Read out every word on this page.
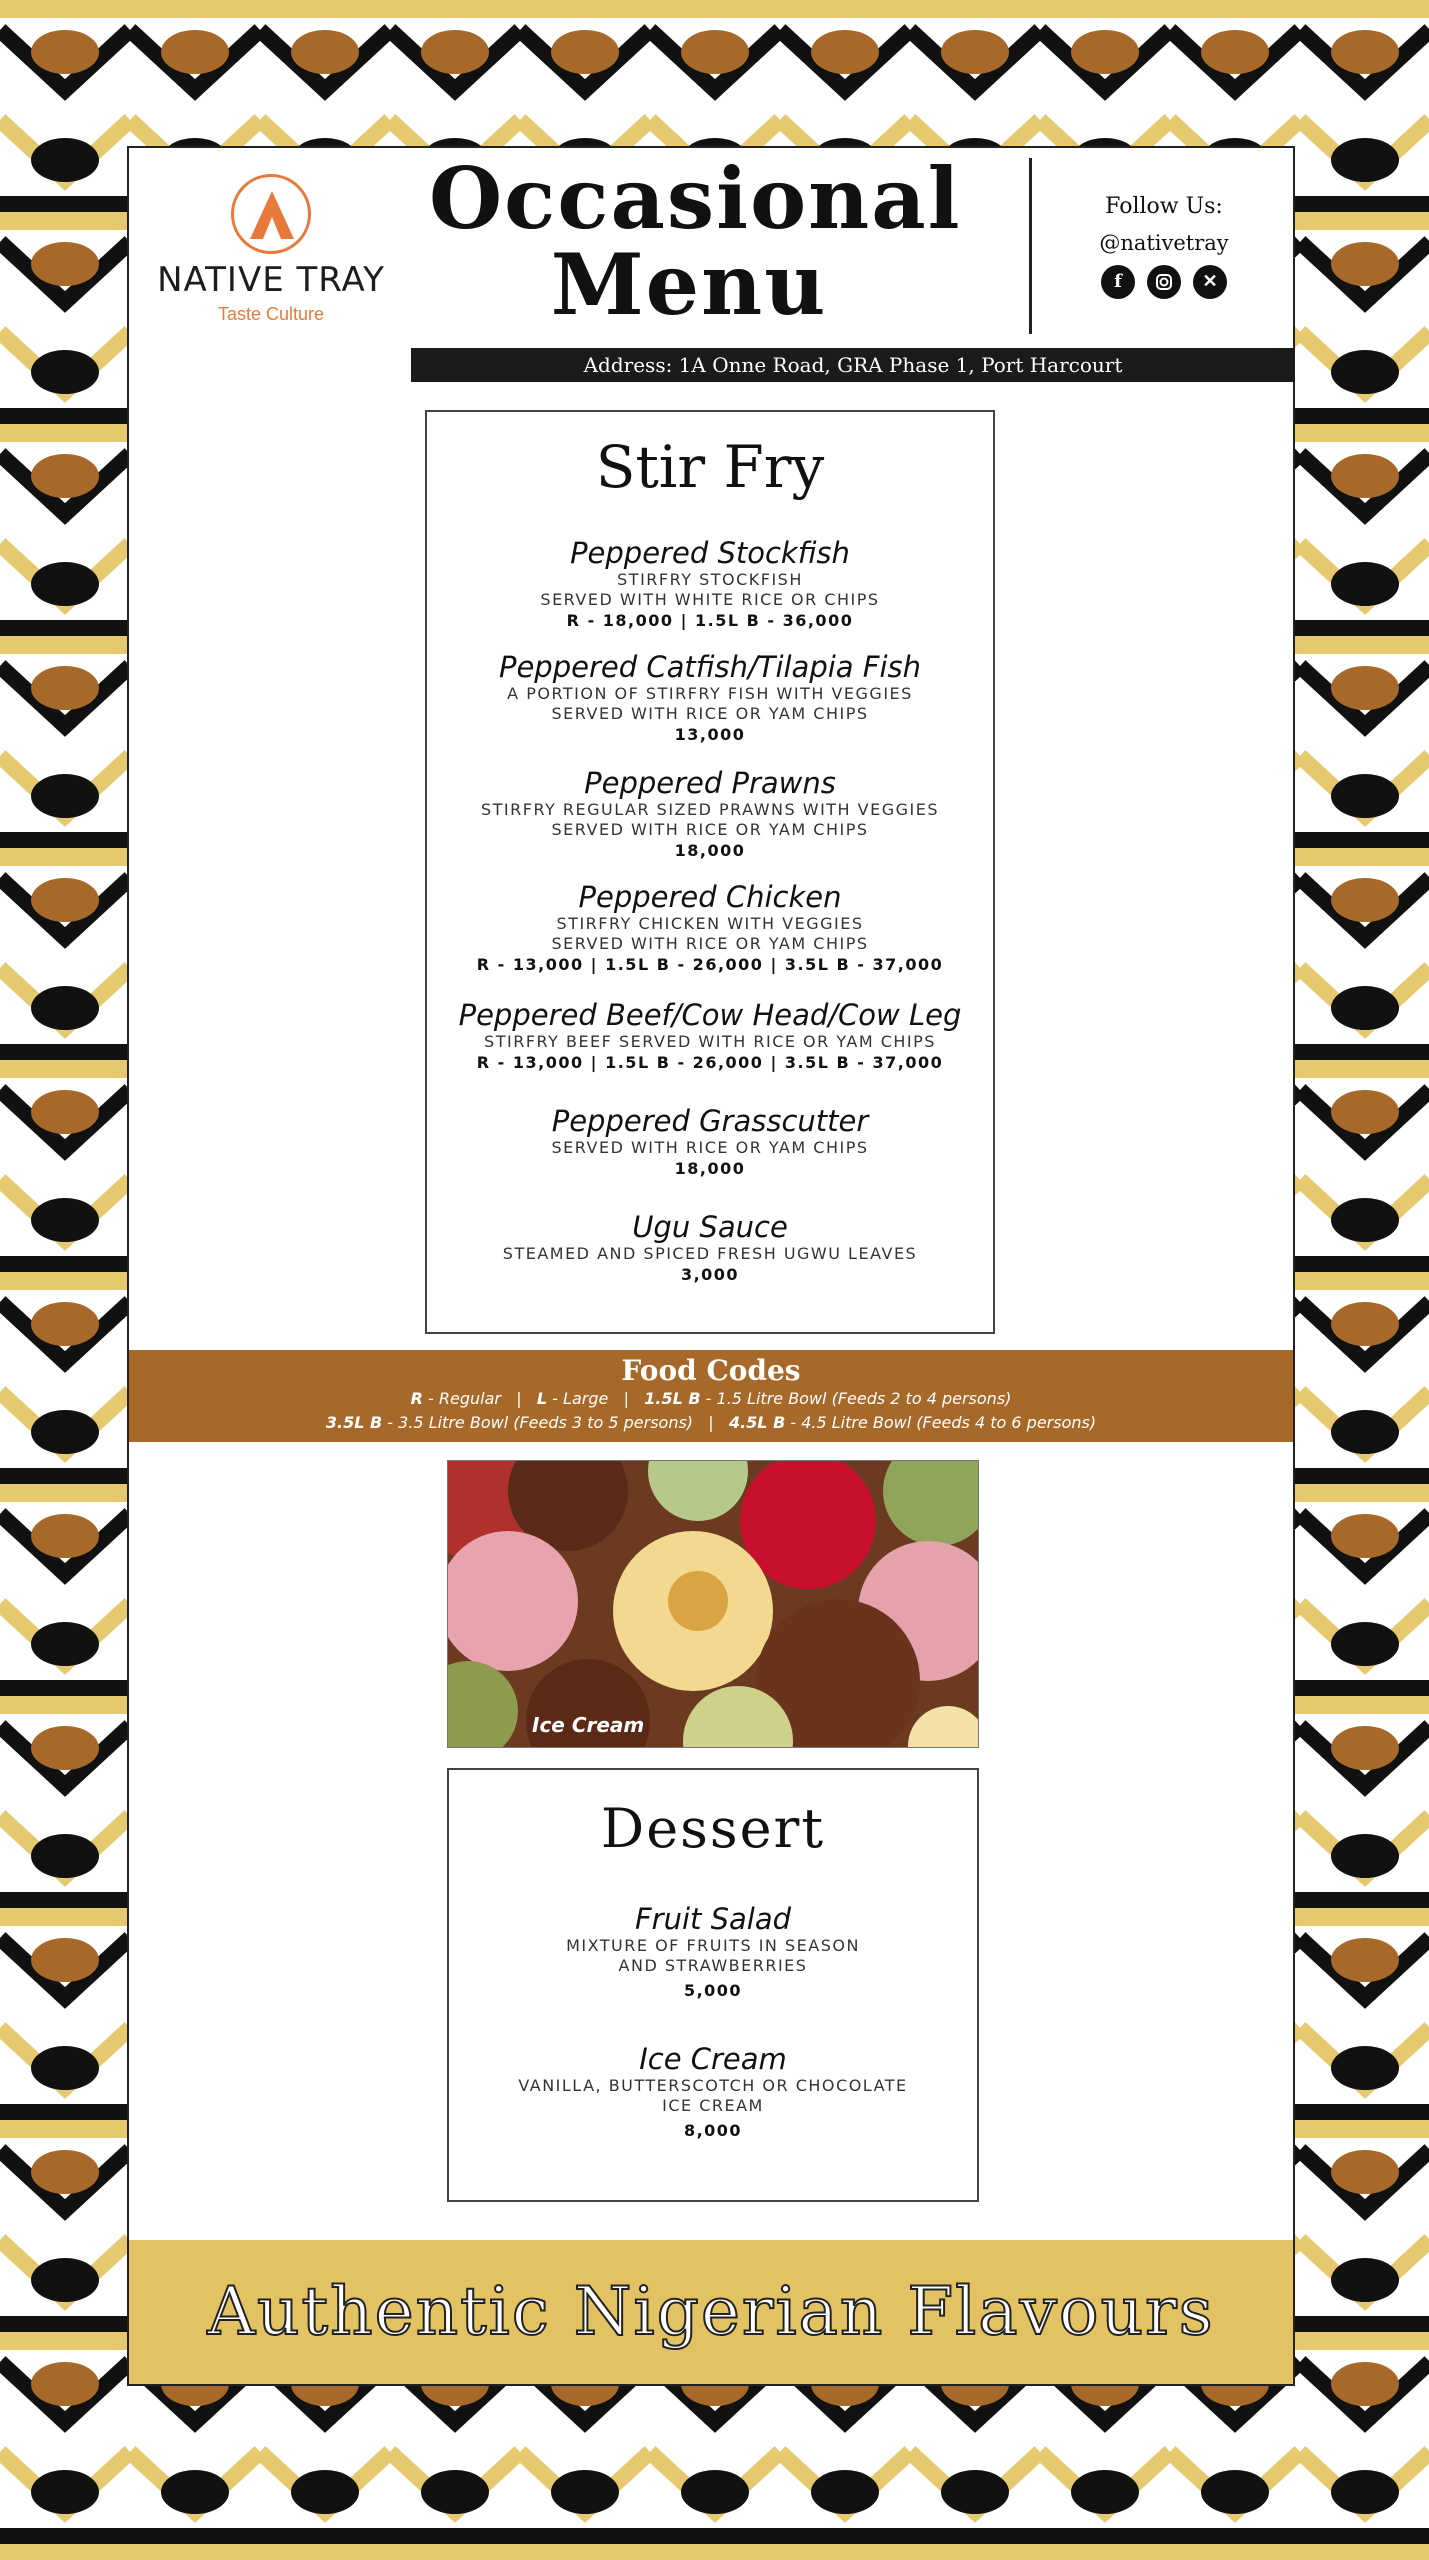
NATIVE TRAY
Taste Culture
Occasional
Menu
Follow Us:
@nativetray
f	✕
Address: 1A Onne Road, GRA Phase 1, Port Harcourt
Stir Fry
Peppered Stockfish
STIRFRY STOCKFISH
SERVED WITH WHITE RICE OR CHIPS
R - 18,000 | 1.5L B - 36,000
Peppered Catfish/Tilapia Fish
A PORTION OF STIRFRY FISH WITH VEGGIES
SERVED WITH RICE OR YAM CHIPS
13,000
Peppered Prawns
STIRFRY REGULAR SIZED PRAWNS WITH VEGGIES
SERVED WITH RICE OR YAM CHIPS
18,000
Peppered Chicken
STIRFRY CHICKEN WITH VEGGIES
SERVED WITH RICE OR YAM CHIPS
R - 13,000 | 1.5L B - 26,000 | 3.5L B - 37,000
Peppered Beef/Cow Head/Cow Leg
STIRFRY BEEF SERVED WITH RICE OR YAM CHIPS
R - 13,000 | 1.5L B - 26,000 | 3.5L B - 37,000
Peppered Grasscutter
SERVED WITH RICE OR YAM CHIPS
18,000
Ugu Sauce
STEAMED AND SPICED FRESH UGWU LEAVES
3,000
Food Codes
R - Regular | L - Large | 1.5L B - 1.5 Litre Bowl (Feeds 2 to 4 persons)
3.5L B - 3.5 Litre Bowl (Feeds 3 to 5 persons) | 4.5L B - 4.5 Litre Bowl (Feeds 4 to 6 persons)
Ice Cream
Dessert
Fruit Salad
MIXTURE OF FRUITS IN SEASON
AND STRAWBERRIES
5,000
Ice Cream
VANILLA, BUTTERSCOTCH OR CHOCOLATE
ICE CREAM
8,000
Authentic Nigerian Flavours
